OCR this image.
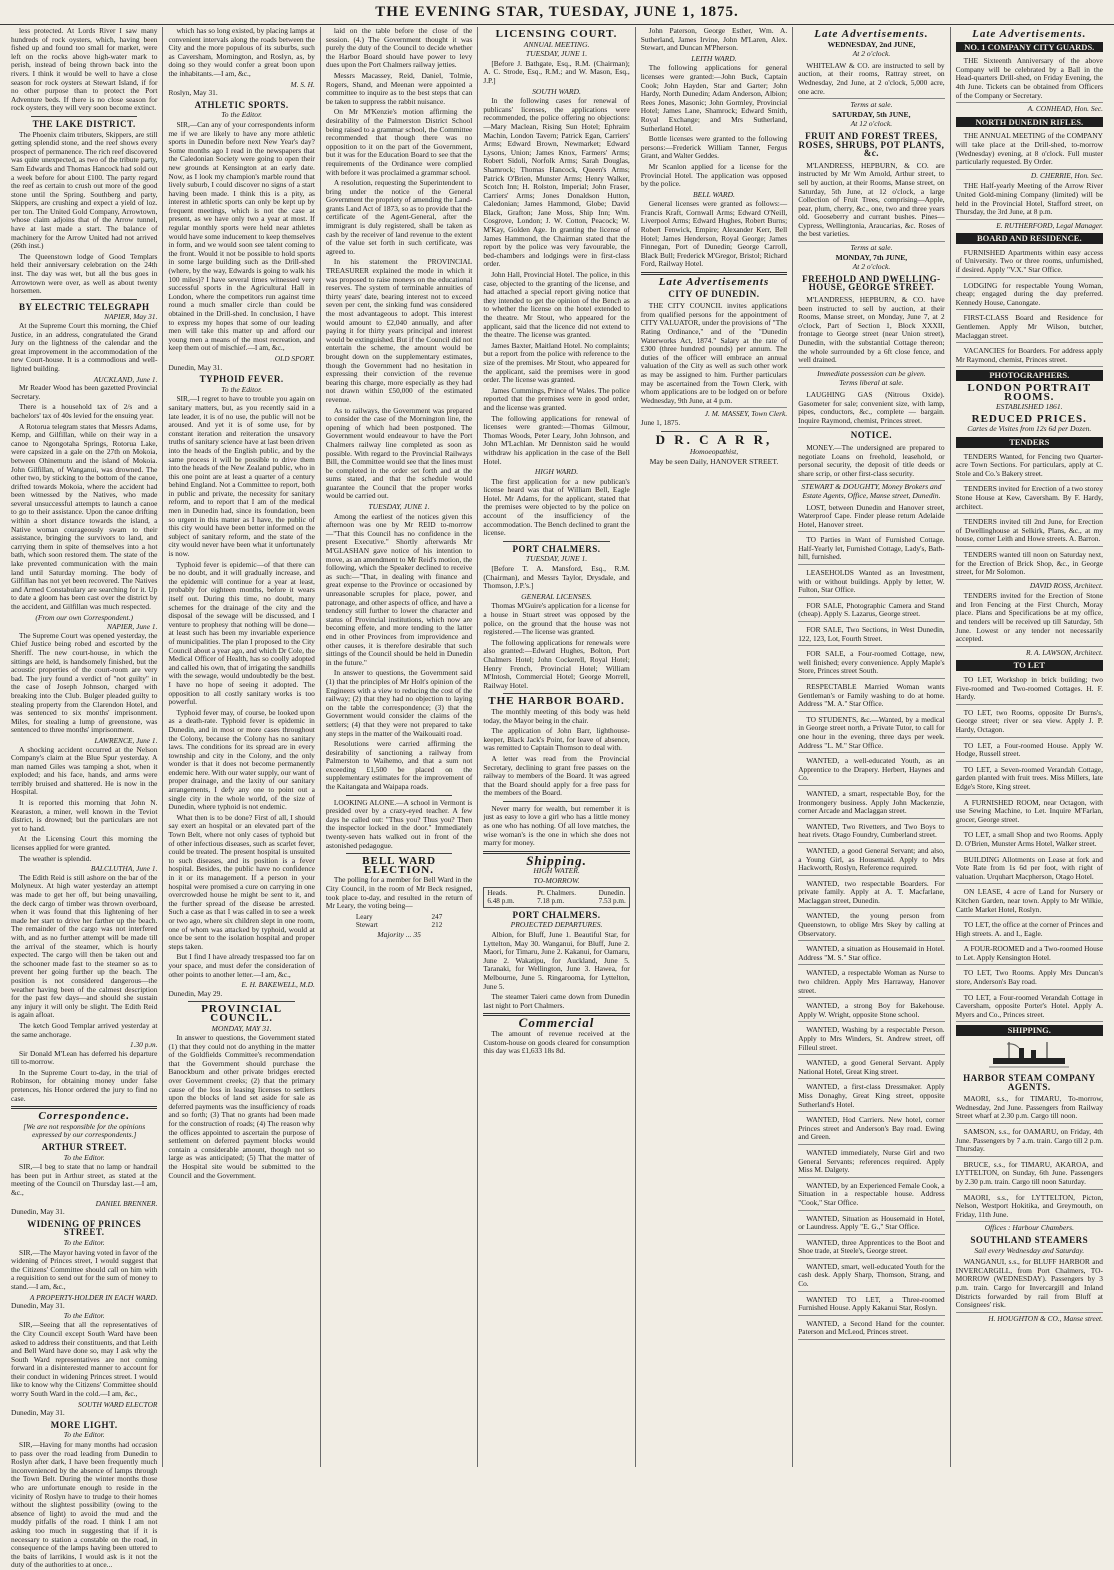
THE EVENING STAR, TUESDAY, JUNE 1, 1875.

less protected. At Lords River I saw many hundreds of rock oysters, which, having been fished up and found too small for market, were left on the rocks above high-water mark to perish, instead of being thrown back into the rivers. I think it would be well to have a close season for rock oysters at Stewart Island, if for no other purpose than to protect the Port Adventure beds. If there is no close season for rock oysters, they will very soon become extinct.

THE LAKE DISTRICT.

The Phoenix claim tributers, Skippers, are still getting splendid stone, and the reef shows every prospect of permanence. The rich reef discovered was quite unexpected, as two of the tribute party, Sam Edwards and Thomas Hancock had sold out a week before for about £100. The party regard the reef as certain to crush out more of the good stone until the Spring. Southberg and party, Skippers, are crushing and expect a yield of loz. per ton. The United Gold Company, Arrowtown, whose claim adjoins that of the Arrow tunnel, have at last made a start. The balance of machinery for the Arrow United had not arrived (26th inst.)

The Queenstown lodge of Good Templars held their anniversary celebration on the 24th inst. The day was wet, but all the bus goes in Arrowtown were over, as well as about twenty horsemen.

BY ELECTRIC TELEGRAPH
NAPIER, May 31.

At the Supreme Court this morning, the Chief Justice, in an address, congratulated the Grand Jury on the lightness of the calendar and the great improvement in the accommodation of the new Court-house. It is a commodious and well-lighted building.

AUCKLAND, June 1.

Mr Reader Wood has been gazetted Provincial Secretary.

There is a household tax of 2/s and a bachelors' tax of 40s levied for the ensuing year.

A Rotorua telegram states that Messrs Adams, Kemp, and Gilfillan, while on their way in a canoe to Ngongotaha Springs, Rotorua Lake, were capsized in a gale on the 27th on Mokoia, between Ohinemutu and the island of Mokoia. John Gilfillan, of Wanganui, was drowned. The other two, by sticking to the bottom of the canoe, drifted towards Mokoia, where the accident had been witnessed by the Natives, who made several unsuccessful attempts to launch a canoe to go to their assistance. Upon the canoe drifting within a short distance towards the island, a Native woman courageously swam to their assistance, bringing the survivors to land, and carrying them in spite of themselves into a hot bath, which soon restored them. The state of the lake prevented communication with the main land until Saturday morning. The body of Gilfillan has not yet been recovered. The Natives and Armed Constabulary are searching for it. Up to date a gloom has been cast over the district by the accident, and Gilfillan was much respected.

(From our own Correspondent.)
NAPIER, June 1.

The Supreme Court was opened yesterday, the Chief Justice being robed and escorted by the Sheriff. The new court-house, in which the sittings are held, is handsomely finished, but the acoustic properties of the court-room are very bad. The jury found a verdict of "not guilty" in the case of Joseph Johnson, charged with breaking into the Club. Bulger pleaded guilty to stealing property from the Clarendon Hotel, and was sentenced to six months' imprisonment. Miles, for stealing a lump of greenstone, was sentenced to three months' imprisonment.

LAWRENCE, June 1.

A shocking accident occurred at the Nelson Company's claim at the Blue Spur yesterday. A man named Giles was tamping a shot, when it exploded; and his face, hands, and arms were terribly bruised and shattered. He is now in the Hospital.

It is reported this morning that John N. Kearaston, a miner, well known in the Teviot district, is drowned; but the particulars are not yet to hand.

At the Licensing Court this morning the licenses applied for were granted.

The weather is splendid.

BALCLUTHA, June 1.

The Edith Reid is still ashore on the bar of the Molyneux. At high water yesterday an attempt was made to get her off, but being unavailing, the deck cargo of timber was thrown overboard, when it was found that this lightening of her made her start to drive her farther up the beach. The remainder of the cargo was not interfered with, and as no further attempt will be made till the arrival of the steamer, which is hourly expected. The cargo will then be taken out and the schooner made fast to the steamer so as to prevent her going further up the beach. The position is not considered dangerous—the weather having been of the calmest description for the past few days—and should she sustain any injury it will only be slight. The Edith Reid is again afloat.

The ketch Good Templar arrived yesterday at the same anchorage.

1.30 p.m.

Sir Donald M'Lean has deferred his departure till to-morrow.

In the Supreme Court to-day, in the trial of Robinson, for obtaining money under false pretences, his Honor ordered the jury to find no case.

Correspondence.
[We are not responsible for the opinions expressed by our correspondents.]
ARTHUR STREET.
To the Editor.

SIR,—I beg to state that no lamp or handrail has been put in Arthur street, as stated at the meeting of the Council on Thursday last.—I am, &c.,

DANIEL BRENNER.
Dunedin, May 31.
WIDENING OF PRINCES STREET.
To the Editor.

SIR,—The Mayor having voted in favor of the widening of Princes street, I would suggest that the Citizens' Committee should call on him with a requisition to send out for the sum of money to stand.—I am, &c.,

A PROPERTY-HOLDER IN EACH WARD.
Dunedin, May 31.
To the Editor.

SIR,—Seeing that all the representatives of the City Council except South Ward have been asked to address their constituents, and that Leith and Bell Ward have done so, may I ask why the South Ward representatives are not coming forward in a disinterested manner to account for their conduct in widening Princes street. I would like to know why the Citizens' Committee should worry South Ward in the cold.—I am, &c.,

SOUTH WARD ELECTOR
Dunedin, May 31.
MORE LIGHT.
To the Editor.

SIR,—Having for many months had occasion to pass over the road leading from Dunedin to Roslyn after dark, I have been frequently much inconvenienced by the absence of lamps through the Town Belt. During the winter months those who are unfortunate enough to reside in the vicinity of Roslyn have to trudge to their homes without the slightest possibility (owing to the absence of light) to avoid the mud and the muddy pitfalls of the road. I think I am not asking too much in suggesting that if it is necessary to station a constable on the road, in consequence of the lamps having been uttered to the baits of larrikins, I would ask is it not the duty of the authorities to at once...

which has so long existed, by placing lamps at convenient intervals along the roads between the City and the more populous of its suburbs, such as Caversham, Mornington, and Roslyn, as, by doing so they would confer a great boon upon the inhabitants.—I am, &c.,

M. S. H.
Roslyn, May 31.
ATHLETIC SPORTS.
To the Editor.

SIR,—Can any of your correspondents inform me if we are likely to have any more athletic sports in Dunedin before next New Year's day? Some months ago I read in the newspapers that the Caledonian Society were going to open their new grounds at Kensington at an early date. Now, as I look my champion's marble round that lively suburb, I could discover no signs of a start having been made. I think this is a pity, as interest in athletic sports can only be kept up by frequent meetings, which is not the case at present, as we have only two a year at most. If regular monthly sports were held near athletes would have some inducement to keep themselves in form, and we would soon see talent coming to the front. Would it not be possible to hold sports in some large building such as the Drill-shed (where, by the way, Edwards is going to walk his 100 miles)? I have several times witnessed very successful sports in the Agricultural Hall in London, where the competitors run against time round a much smaller circle than could be obtained in the Drill-shed. In conclusion, I have to express my hopes that some of our leading men will take this matter up and afford our young men a means of the most recreation, and keep them out of mischief.—I am, &c.,

OLD SPORT.
Dunedin, May 31.
TYPHOID FEVER.
To the Editor.

SIR,—I regret to have to trouble you again on sanitary matters, but, as you recently said in a late leader, it is of no use, the public will not be aroused. And yet it is of some use, for by constant iteration and reiteration the unsavory truths of sanitary science have at last been driven into the heads of the English public, and by the same process it will be possible to drive them into the heads of the New Zealand public, who in this one point are at least a quarter of a century behind England. Not a Committee to report, both in public and private, the necessity for sanitary reform, and to report that I am of the medical men in Dunedin had, since its foundation, been so urgent in this matter as I have, the public of this city would have been better informed on the subject of sanitary reform, and the state of the city would never have been what it unfortunately is now.

Typhoid fever is epidemic—of that there can be no doubt, and it will gradually increase, and the epidemic will continue for a year at least, probably for eighteen months, before it wears itself out. During this time, no doubt, many schemes for the drainage of the city and the disposal of the sewage will be discussed, and I venture to prophesy that nothing will be done—at least such has been my invariable experience of municipalities. The plan I proposed to the City Council about a year ago, and which Dr Cole, the Medical Officer of Health, has so coolly adopted and called his own, that of irrigating the sandhills with the sewage, would undoubtedly be the best. I have no hope of seeing it adopted. The opposition to all costly sanitary works is too powerful.

Typhoid fever may, of course, be looked upon as a death-rate. Typhoid fever is epidemic in Dunedin, and in most or more cases throughout the Colony, because the Colony has no sanitary laws. The conditions for its spread are in every township and city in the Colony, and the only wonder is that it does not become permanently endemic here. With our water supply, our want of proper drainage, and the laxity of our sanitary arrangements, I defy any one to point out a single city in the whole world, of the size of Dunedin, where typhoid is not endemic.

What then is to be done? First of all, I should say exert an hospital or an elevated part of the Town Belt, where not only cases of typhoid but of other infectious diseases, such as scarlet fever, could be treated. The present hospital is unsuited to such diseases, and its position is a fever hospital. Besides, the public have no confidence in it or its management. If a person in your hospital were promised a cure on carrying in one overcrowded house he might be sent to it, and the further spread of the disease be arrested. Such a case as that I was called in to see a week or two ago, where six children slept in one room, one of whom was attacked by typhoid, would at once be sent to the isolation hospital and proper steps taken.

But I find I have already trespassed too far on your space, and must defer the consideration of other points to another letter.—I am, &c.,

E. H. BAKEWELL, M.D.
Dunedin, May 29.
PROVINCIAL COUNCIL.
MONDAY, MAY 31.

In answer to questions, the Government stated (1) that they could not do anything in the matter of the Goldfields Committee's recommendation that the Government should purchase the Banockburn and other private bridges erected over Government creeks; (2) that the primary cause of the loss in leasing licenses to settlers upon the blocks of land set aside for sale as deferred payments was the insufficiency of roads and so forth; (3) That no grants had been made for the construction of roads; (4) The reason why the offices appointed to ascertain the purpose of settlement on deferred payment blocks would contain a considerable amount, though not so large as was anticipated; (5) That the matter of the Hospital site would be submitted to the Council and the Government.

laid on the table before the close of the session. (4.) The Government thought it was purely the duty of the Council to decide whether the Harbor Board should have power to levy dues upon the Port Chalmers railway jetties.

Messrs Macassey, Reid, Daniel, Tolmie, Rogers, Shand, and Meenan were appointed a committee to inquire as to the best steps that can be taken to suppress the rabbit nuisance.

On Mr M'Kenzie's motion affirming the desirability of the Palmerston District School being raised to a grammar school, the Committee recommended that though there was no opposition to it on the part of the Government, but it was for the Education Board to see that the requirements of the Ordinance were complied with before it was proclaimed a grammar school.

A resolution, requesting the Superintendent to bring under the notice of the General Government the propriety of amending the Land-grants Land Act of 1873, so as to provide that the certificate of the Agent-General, after the immigrant is duly registered, shall be taken as cash by the receiver of land revenue to the extent of the value set forth in such certificate, was agreed to.

In his statement the PROVINCIAL TREASURER explained the mode in which it was proposed to raise moneys on the educational reserves. The system of terminable annuities of thirty years' date, bearing interest not to exceed seven per cent, the sinking fund was considered the most advantageous to adopt. This interest would amount to £2,040 annually, and after paying it for thirty years principal and interest would be extinguished. But if the Council did not entertain the scheme, the amount would be brought down on the supplementary estimates, though the Government had no hesitation in expressing their conviction of the revenue bearing this charge, more especially as they had not drawn within £50,000 of the estimated revenue.

As to railways, the Government was prepared to consider the case of the Mornington line, the opening of which had been postponed. The Government would endeavour to have the Port Chalmers railway line completed as soon as possible. With regard to the Provincial Railways Bill, the Committee would see that the lines must be completed in the order set forth and at the sums stated, and that the schedule would guarantee the Council that the proper works would be carried out.

TUESDAY, JUNE 1.

Among the earliest of the notices given this afternoon was one by Mr REID to-morrow—"That this Council has no confidence in the present Executive." Shortly afterwards Mr M'GLASHAN gave notice of his intention to move, as an amendment to Mr Reid's motion, the following, which the Speaker declined to receive as such:—"That, in dealing with finance and great expense to the Province or occasioned by unreasonable scruples for place, power, and patronage, and other aspects of office, and have a tendency still further to lower the character and status of Provincial institutions, which now are becoming effete, and more tending to the latter end in other Provinces from improvidence and other causes, it is therefore desirable that such sittings of the Council should be held in Dunedin in the future."

In answer to questions, the Government said (1) that the principles of Mr Holt's opinion of the Engineers with a view to reducing the cost of the railway; (2) that they had no objection to laying on the table the correspondence; (3) that the Government would consider the claims of the settlers; (4) that they were not prepared to take any steps in the matter of the Waikouaiti road.

Resolutions were carried affirming the desirability of sanctioning a railway from Palmerston to Waihemo, and that a sum not exceeding £1,500 be placed on the supplementary estimates for the improvement of the Kaitangata and Waipapa roads.

LOOKING ALONE.—A school in Vermont is presided over by a crazy-eyed teacher. A few days he called out: "Thus you? Thus you? Then the inspector locked in the door." Immediately twenty-seven hats walked out in front of the astonished pedagogue.

BELL WARD ELECTION.

The polling for a member for Bell Ward in the City Council, in the room of Mr Beck resigned, took place to-day, and resulted in the return of Mr Leary, the voting being—

Leary	247
Stewart	212
Majority ... 35
LICENSING COURT.
ANNUAL MEETING.
TUESDAY, JUNE 1.

[Before J. Bathgate, Esq., R.M. (Chairman); A. C. Strode, Esq., R.M.; and W. Mason, Esq., J.P.]

SOUTH WARD.

In the following cases for renewal of publicans' licenses, the applications were recommended, the police offering no objections:—Mary Maclean, Rising Sun Hotel; Ephraim Machin, London Tavern; Patrick Egan, Carriers' Arms; Edward Brown, Newmarket; Edward Lysons, Union; James Knox, Farmers' Arms; Robert Sidoli, Norfolk Arms; Sarah Douglas, Shamrock; Thomas Hancock, Queen's Arms; Patrick O'Brien, Munster Arms; Henry Walker, Scotch Inn; H. Rolston, Imperial; John Fraser, Carriers' Arms; Jones Donaldson Hutton, Caledonian; James Hammond, Globe; David Black, Grafton; Jane Moss, Ship Inn; Wm. Cosgrove, London; J. W. Cotton, Peacock; W. M'Kay, Golden Age. In granting the license of James Hammond, the Chairman stated that the report by the police was very favourable, the bed-chambers and lodgings were in first-class order.

John Hall, Provincial Hotel. The police, in this case, objected to the granting of the license, and had attached a special report giving notice that they intended to get the opinion of the Bench as to whether the license on the hotel extended to the theatre. Mr Stout, who appeared for the applicant, said that the licence did not extend to the theatre. The license was granted.

James Baxter, Maitland Hotel. No complaints; but a report from the police with reference to the size of the premises. Mr Stout, who appeared for the applicant, said the premises were in good order. The license was granted.

James Cummings, Prince of Wales. The police reported that the premises were in good order, and the license was granted.

The following applications for renewal of licenses were granted:—Thomas Gilmour, Thomas Woods, Peter Leary, John Johnson, and John M'Lachlan. Mr Denniston said he would withdraw his application in the case of the Bell Hotel.

HIGH WARD.

The first application for a new publican's license heard was that of William Bell, Eagle Hotel. Mr Adams, for the applicant, stated that the premises were objected to by the police on account of the insufficiency of the accommodation. The Bench declined to grant the license.

PORT CHALMERS.
TUESDAY, JUNE 1.

[Before T. A. Mansford, Esq., R.M. (Chairman), and Messrs Taylor, Drysdale, and Thomson, J.P.'s.]

GENERAL LICENSES.

Thomas M'Guire's application for a license for a house in Stuart street was opposed by the police, on the ground that the house was not registered.—The license was granted.

The following applications for renewals were also granted:—Edward Hughes, Bolton, Port Chalmers Hotel; John Cockerell, Royal Hotel; Henry French, Provincial Hotel; William M'Intosh, Commercial Hotel; George Morrell, Railway Hotel.

THE HARBOR BOARD.

The monthly meeting of this body was held today, the Mayor being in the chair.

The application of John Barr, lighthouse-keeper, Black Jack's Point, for leave of absence, was remitted to Captain Thomson to deal with.

A letter was read from the Provincial Secretary, declining to grant free passes on the railway to members of the Board. It was agreed that the Board should apply for a free pass for the members of the Board.

Never marry for wealth, but remember it is just as easy to love a girl who has a little money as one who has nothing. Of all love matches, the wise woman's is the one in which she does not marry for money.

Shipping.
HIGH WATER.
TO-MORROW.
Heads.
6.48 p.m.
Pt. Chalmers.
7.18 p.m.
Dunedin.
7.53 p.m.
PORT CHALMERS.
PROJECTED DEPARTURES.

Albion, for Bluff, June 1. Beautiful Star, for Lyttelton, May 30. Wanganui, for Bluff, June 2. Maori, for Timaru, June 2. Kakanui, for Oamaru, June 2. Wakatipu, for Auckland, June 5. Taranaki, for Wellington, June 3. Hawea, for Melbourne, June 5. Ringarooma, for Lyttelton, June 5.

The steamer Taieri came down from Dunedin last night to Port Chalmers.

Commercial

The amount of revenue received at the Custom-house on goods cleared for consumption this day was £1,633 18s 8d.

John Paterson, George Esther, Wm. A. Sutherland, James Irvine, John M'Laren, Alex. Stewart, and Duncan M'Pherson.

LEITH WARD.

The following applications for general licenses were granted:—John Buck, Captain Cook; John Hayden, Star and Garter; John Hardy, North Dunedin; Adam Anderson, Albion; Rees Jones, Masonic; John Gormley, Provincial Hotel; James Lane, Shamrock; Edward Smith, Royal Exchange; and Mrs Sutherland, Sutherland Hotel.

Bottle licenses were granted to the following persons:—Frederick William Tanner, Fergus Grant, and Walter Geddes.

Mr Scanlon applied for a license for the Provincial Hotel. The application was opposed by the police.

BELL WARD.

General licenses were granted as follows:—Francis Kraft, Cornwall Arms; Edward O'Neill, Liverpool Arms; Edward Hughes, Robert Burns; Robert Fenwick, Empire; Alexander Kerr, Bell Hotel; James Henderson, Royal George; James Finnegan, Port of Dunedin; George Carroll, Black Bull; Frederick M'Gregor, Bristol; Richard Ford, Railway Hotel.

Late Advertisements
CITY OF DUNEDIN.

THE CITY COUNCIL invites applications from qualified persons for the appointment of CITY VALUATOR, under the provisions of "The Rating Ordinance," and of the "Dunedin Waterworks Act, 1874." Salary at the rate of £300 (three hundred pounds) per annum. The duties of the officer will embrace an annual valuation of the City as well as such other work as may be assigned to him. Further particulars may be ascertained from the Town Clerk, with whom applications are to be lodged on or before Wednesday, 9th June, at 4 p.m.

J. M. MASSEY, Town Clerk.
June 1, 1875.
D R. C A R R,
Homoeopathist,
May be seen Daily, HANOVER STREET.
Late Advertisements.
WEDNESDAY, 2nd JUNE,
At 2 o'clock.

WHITELAW & CO. are instructed to sell by auction, at their rooms, Rattray street, on Wednesday, 2nd June, at 2 o'clock, 5,000 acre, one acre.

Terms at sale.
SATURDAY, 5th JUNE,
At 12 o'clock.
FRUIT AND FOREST TREES, ROSES, SHRUBS, POT PLANTS, &c.

M'LANDRESS, HEPBURN, & CO. are instructed by Mr Wm Arnold, Arthur street, to sell by auction, at their Rooms, Manse street, on Saturday, 5th June, at 12 o'clock, a large Collection of Fruit Trees, comprising—Apple, pear, plum, cherry, &c., one, two and three years old. Gooseberry and currant bushes. Pines—Cypress, Wellingtonia, Araucarias, &c. Roses of the best varieties.

Terms at sale.
MONDAY, 7th JUNE,
At 2 o'clock.
FREEHOLD AND DWELLING-HOUSE, GEORGE STREET.

M'LANDRESS, HEPBURN, & CO. have been instructed to sell by auction, at their Rooms, Manse street, on Monday, June 7, at 2 o'clock, Part of Section 1, Block XXXII, frontage to George street (near Union street), Dunedin, with the substantial Cottage thereon; the whole surrounded by a 6ft close fence, and well drained.

Immediate possession can be given.
Terms liberal at sale.

LAUGHING GAS (Nitrous Oxide). Gasometer for sale; convenient size, with lamp, pipes, conductors, &c., complete — bargain. Inquire Raymond, chemist, Princes street.

NOTICE.

MONEY.—The undersigned are prepared to negotiate Loans on freehold, leasehold, or personal security, the deposit of title deeds or share scrip, or other first-class security.

STEWART & DOUGHTY, Money Brokers and Estate Agents, Office, Manse street, Dunedin.

LOST, between Dunedin and Hanover street, Waterproof Cape. Finder please return Adelaide Hotel, Hanover street.

TO Parties in Want of Furnished Cottage. Half-Yearly let, Furnished Cottage, Lady's, Bath-hill, furnished.

LEASEHOLDS Wanted as an Investment, with or without buildings. Apply by letter, W. Fulton, Star Office.

FOR SALE, Photographic Camera and Stand (cheap). Apply S. Lazarus, George street.

FOR SALE, Two Sections, in West Dunedin, 122, 123, Lot, Fourth Street.

FOR SALE, a Four-roomed Cottage, new, well finished; every convenience. Apply Maple's Store, Princes street South.

RESPECTABLE Married Woman wants Gentleman's or Family washing to do at home. Address "M. A." Star Office.

TO STUDENTS, &c.—Wanted, by a medical in George street north, a Private Tutor, to call for one hour in the evening, three days per week. Address "L. M." Star Office.

WANTED, a well-educated Youth, as an Apprentice to the Drapery. Herbert, Haynes and Co.

WANTED, a smart, respectable Boy, for the Ironmongery business. Apply John Mackenzie, corner Arcade and Maclaggan street.

WANTED, Two Rivetters, and Two Boys to heat rivets. Otago Foundry, Cumberland street.

WANTED, a good General Servant; and also, a Young Girl, as Housemaid. Apply to Mrs Hackworth, Roslyn, Reference required.

WANTED, two respectable Boarders. For private family. Apply at A. T. Macfarlane, Maclaggan street, Dunedin.

WANTED, the young person from Queenstown, to oblige Mrs Skey by calling at Observatory.

WANTED, a situation as Housemaid in Hotel. Address "M. S." Star office.

WANTED, a respectable Woman as Nurse to two children. Apply Mrs Harraway, Hanover street.

WANTED, a strong Boy for Bakehouse. Apply W. Wright, opposite Stone school.

WANTED, Washing by a respectable Person. Apply to Mrs Winders, St. Andrew street, off Filleul street.

WANTED, a good General Servant. Apply National Hotel, Great King street.

WANTED, a first-class Dressmaker. Apply Miss Donaghy, Great King street, opposite Sutherland's Hotel.

WANTED, Hod Carriers. New hotel, corner Princes street and Anderson's Bay road. Ewing and Green.

WANTED immediately, Nurse Girl and two General Servants; references required. Apply Miss M. Dalgety.

WANTED, by an Experienced Female Cook, a Situation in a respectable house. Address "Cook," Star Office.

WANTED, Situation as Housemaid in Hotel, or Laundress. Apply "E. G.," Star Office.

WANTED, three Apprentices to the Boot and Shoe trade, at Steele's, George street.

WANTED, smart, well-educated Youth for the cash desk. Apply Sharp, Thomson, Strang, and Co.

WANTED TO LET, a Three-roomed Furnished House. Apply Kakanui Star, Roslyn.

WANTED, a Second Hand for the counter. Paterson and McLeod, Princes street.

Late Advertisements.
NO. 1 COMPANY CITY GUARDS.

THE Sixteenth Anniversary of the above Company will be celebrated by a Ball in the Head-quarters Drill-shed, on Friday Evening, the 4th June. Tickets can be obtained from Officers of the Company or Secretary.

A. CONHEAD, Hon. Sec.
NORTH DUNEDIN RIFLES.

THE ANNUAL MEETING of the COMPANY will take place at the Drill-shed, to-morrow (Wednesday) evening, at 8 o'clock. Full muster particularly requested. By Order.

D. CHERRIE, Hon. Sec.

THE Half-yearly Meeting of the Arrow River United Gold-mining Company (limited) will be held in the Provincial Hotel, Stafford street, on Thursday, the 3rd June, at 8 p.m.

E. RUTHERFORD, Legal Manager.
BOARD AND RESIDENCE.

FURNISHED Apartments within easy access of University. Two or three rooms, unfurnished, if desired. Apply "V.X." Star Office.

LODGING for respectable Young Woman, cheap; engaged during the day preferred. Kennedy House, Canongate.

FIRST-CLASS Board and Residence for Gentlemen. Apply Mr Wilson, butcher, Maclaggan street.

VACANCIES for Boarders. For address apply Mr Raymond, chemist, Princes street.

PHOTOGRAPHERS.
LONDON PORTRAIT ROOMS.
ESTABLISHED 1861.
REDUCED PRICES.
Cartes de Visites from 12s 6d per Dozen.
TENDERS

TENDERS Wanted, for Fencing two Quarter-acre Town Sections. For particulars, apply at C. Stole and Co.'s Bakery street.

TENDERS invited for Erection of a two storey Stone House at Kew, Caversham. By F. Hardy, architect.

TENDERS invited till 2nd June, for Erection of Dwellinghouse at Selkirk, Plans, &c., at my house, corner Leith and Howe streets. A. Barron.

TENDERS wanted till noon on Saturday next, for the Erection of Brick Shop, &c., in George street, for Mr Solomon.

DAVID ROSS, Architect.

TENDERS invited for the Erection of Stone and Iron Fencing at the First Church, Moray place. Plans and Specifications be at my office, and tenders will be received up till Saturday, 5th June. Lowest or any tender not necessarily accepted.

R. A. LAWSON, Architect.
TO LET

TO LET, Workshop in brick building; two Five-roomed and Two-roomed Cottages. H. F. Hardy.

TO LET, two Rooms, opposite Dr Burns's, George street; river or sea view. Apply J. P. Hardy, Octagon.

TO LET, a Four-roomed House. Apply W. Hodge, Russell street.

TO LET, a Seven-roomed Verandah Cottage, garden planted with fruit trees. Miss Millers, late Edge's Store, King street.

A FURNISHED ROOM, near Octagon, with use Sewing Machine, to Let. Inquire M'Farlan, grocer, George street.

TO LET, a small Shop and two Rooms. Apply D. O'Brien, Munster Arms Hotel, Walker street.

BUILDING Allotments on Lease at fork and Vote Rate from 1s 6d per foot, with right of valuation. Urquhart Macpherson, Otago Hotel.

ON LEASE, 4 acre of Land for Nursery or Kitchen Garden, near town. Apply to Mr Wilkie, Cattle Market Hotel, Roslyn.

TO LET, the office at the corner of Princes and High streets. A. and I., Eagle.

A FOUR-ROOMED and a Two-roomed House to Let. Apply Kensington Hotel.

TO LET, Two Rooms. Apply Mrs Duncan's store, Anderson's Bay road.

TO LET, a Four-roomed Verandah Cottage in Caversham, opposite Porter's Hotel. Apply A. Myers and Co., Princes street.

SHIPPING.
HARBOR STEAM COMPANY AGENTS.

MAORI, s.s., for TIMARU, To-morrow, Wednesday, 2nd June. Passengers from Railway Street wharf at 2.30 p.m. Cargo till noon.

SAMSON, s.s., for OAMARU, on Friday, 4th June. Passengers by 7 a.m. train. Cargo till 2 p.m. Thursday.

BRUCE, s.s., for TIMARU, AKAROA, and LYTTELTON, on Sunday, 6th June. Passengers by 2.30 p.m. train. Cargo till noon Saturday.

MAORI, s.s., for LYTTELTON, Picton, Nelson, Westport Hokitika, and Greymouth, on Friday, 11th June.

Offices : Harbour Chambers.
SOUTHLAND STEAMERS
Sail every Wednesday and Saturday.

WANGANUI, s.s., for BLUFF HARBOR and INVERCARGILL, from Port Chalmers, TO-MORROW (WEDNESDAY). Passengers by 3 p.m. train. Cargo for Invercargill and Inland Districts forwarded by rail from Bluff at Consignees' risk.

H. HOUGHTON & CO., Manse street.
